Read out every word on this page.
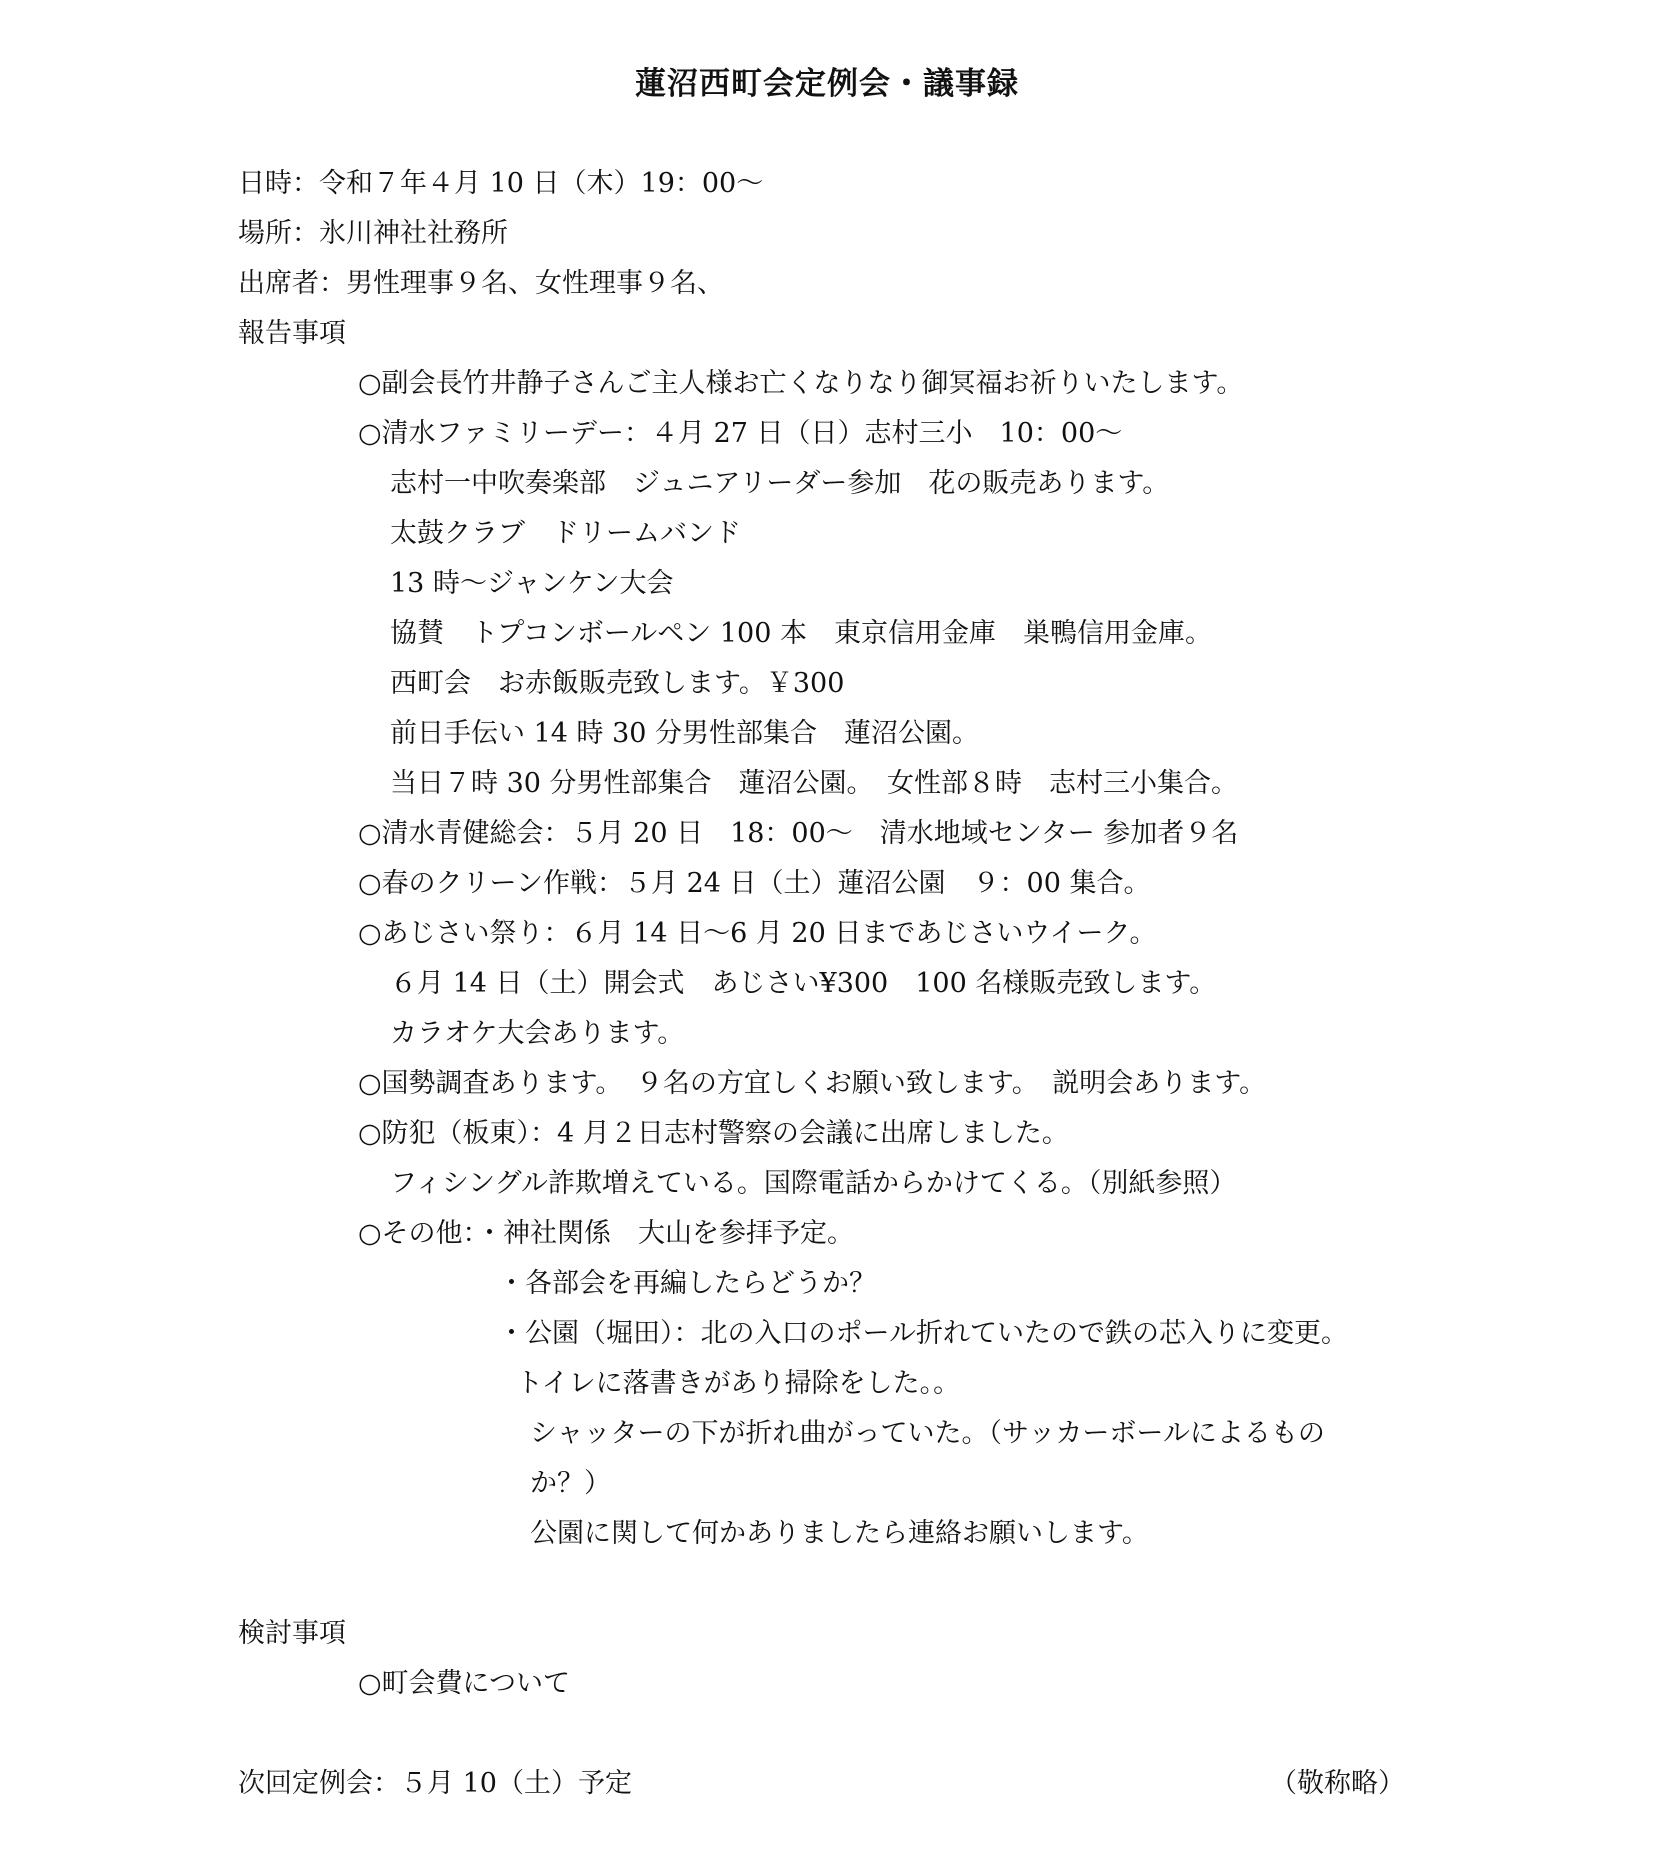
蓮沼西町会定例会・議事録
日時：令和７年４月 10 日（木）19：00～
場所：氷川神社社務所
出席者：男性理事９名、女性理事９名、
報告事項
○副会長竹井静子さんご主人様お亡くなりなり御冥福お祈りいたします。
○清水ファミリーデー：４月 27 日（日）志村三小　10：00～
志村一中吹奏楽部　ジュニアリーダー参加　花の販売あります。
太鼓クラブ　ドリームバンド
13 時～ジャンケン大会
協賛　トプコンボールペン 100 本　東京信用金庫　巣鴨信用金庫。
西町会　お赤飯販売致します。￥300
前日手伝い 14 時 30 分男性部集合　蓮沼公園。
当日７時 30 分男性部集合　蓮沼公園。　女性部８時　志村三小集合。
○清水青健総会：５月 20 日　18：00～　清水地域センター 参加者９名
○春のクリーン作戦：５月 24 日（土）蓮沼公園　９：00 集合。
○あじさい祭り：６月 14 日～6 月 20 日まであじさいウイーク。
６月 14 日（土）開会式　あじさい¥300　100 名様販売致します。
カラオケ大会あります。
○国勢調査あります。　９名の方宜しくお願い致します。　説明会あります。
○防犯（板東）：4 月２日志村警察の会議に出席しました。
フィシングル詐欺増えている。国際電話からかけてくる。（別紙参照）
○その他：・神社関係　大山を参拝予定。
・各部会を再編したらどうか？
・公園（堀田）：北の入口のポール折れていたので鉄の芯入りに変更。
トイレに落書きがあり掃除をした。。
シャッターの下が折れ曲がっていた。（サッカーボールによるもの
か？）
公園に関して何かありましたら連絡お願いします。
検討事項
○町会費について
次回定例会：５月 10（土）予定	（敬称略）
